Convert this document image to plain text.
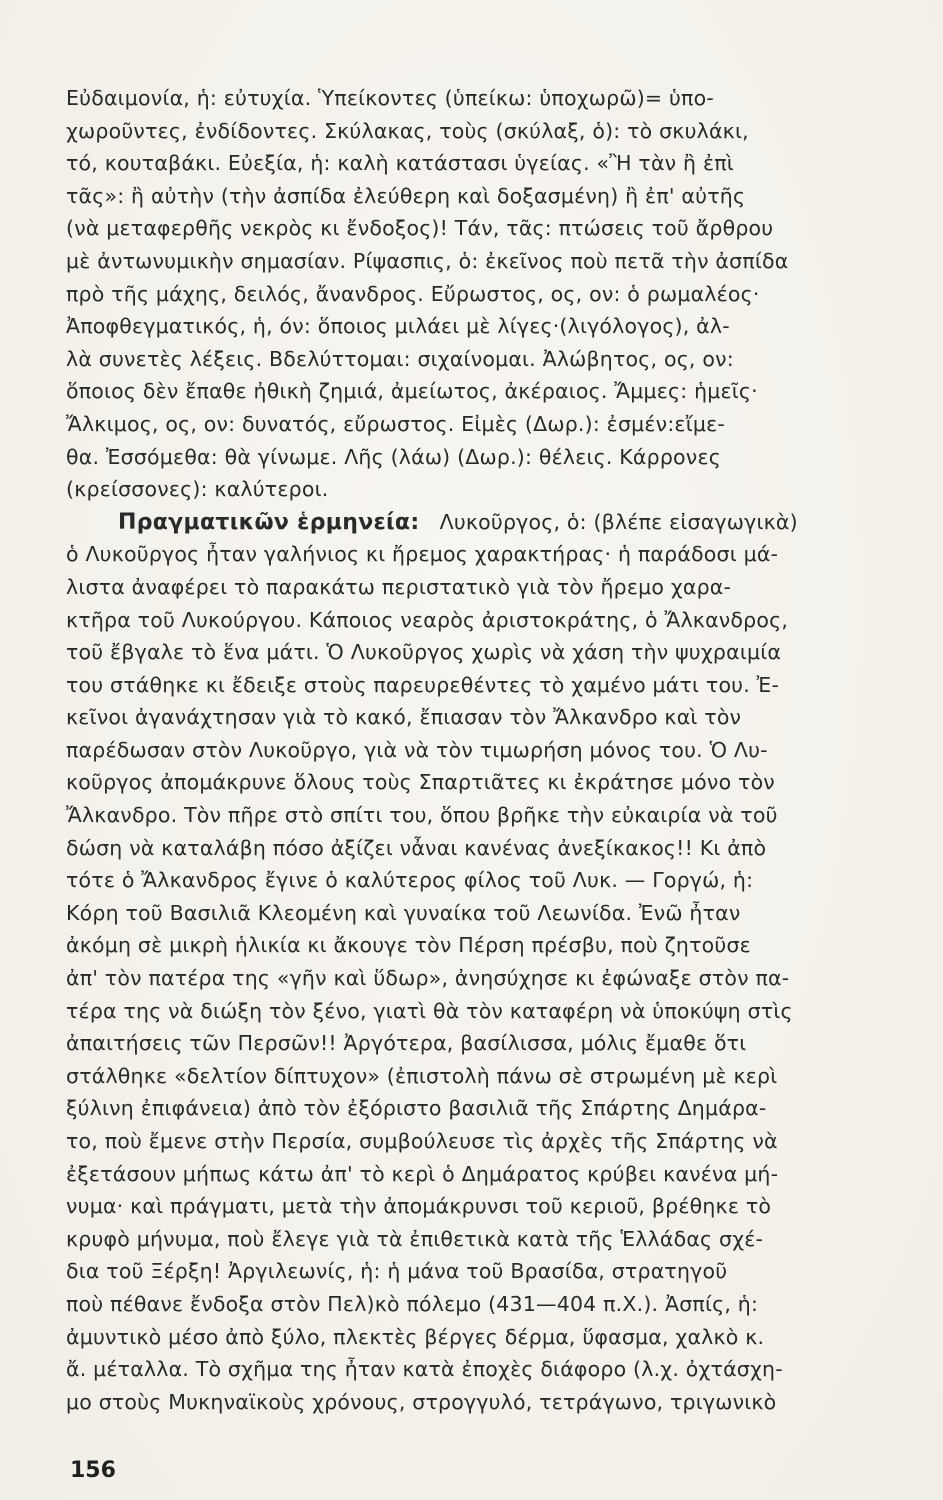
Εὐδαιμονία, ἡ: εὐτυχία. Ὑπείκοντες (ὑπείκω: ὑποχωρῶ)= ὑπο-
χωροῦντες, ἐνδίδοντες. Σκύλακας, τοὺς (σκύλαξ, ὁ): τὸ σκυλάκι,
τό, κουταβάκι. Εὐεξία, ἡ: καλὴ κατάστασι ὑγείας. «Ἢ τὰν ἢ ἐπὶ
τᾶς»: ἢ αὐτὴν (τὴν ἀσπίδα ἐλεύθερη καὶ δοξασμένη) ἢ ἐπ' αὐτῆς
(νὰ μεταφερθῆς νεκρὸς κι ἔνδοξος)! Τάν, τᾶς: πτώσεις τοῦ ἄρθρου
μὲ ἀντωνυμικὴν σημασίαν. Ρίψασπις, ὁ: ἐκεῖνος ποὺ πετᾶ τὴν ἀσπίδα
πρὸ τῆς μάχης, δειλός, ἄνανδρος. Εὔρωστος, ος, ον: ὁ ρωμαλέος·
Ἀποφθεγματικός, ἡ, όν: ὅποιος μιλάει μὲ λίγες·(λιγόλογος), ἀλ-
λὰ συνετὲς λέξεις. Βδελύττομαι: σιχαίνομαι. Ἀλώβητος, ος, ον:
ὅποιος δὲν ἔπαθε ἠθικὴ ζημιά, ἀμείωτος, ἀκέραιος. Ἄμμες: ἡμεῖς·
Ἄλκιμος, ος, ον: δυνατός, εὔρωστος. Εἰμὲς (Δωρ.): ἐσμέν:εἴμε-
θα. Ἐσσόμεθα: θὰ γίνωμε. Λῆς (λάω) (Δωρ.): θέλεις. Κάρρονες
(κρείσσονες): καλύτεροι.
Πραγματικῶν ἑρμηνεία: Λυκοῦργος, ὁ: (βλέπε εἰσαγωγικὰ)
ὁ Λυκοῦργος ἦταν γαλήνιος κι ἤρεμος χαρακτήρας· ἡ παράδοσι μά-
λιστα ἀναφέρει τὸ παρακάτω περιστατικὸ γιὰ τὸν ἤρεμο χαρα-
κτῆρα τοῦ Λυκούργου. Κάποιος νεαρὸς ἀριστοκράτης, ὁ Ἄλκανδρος,
τοῦ ἔβγαλε τὸ ἕνα μάτι. Ὁ Λυκοῦργος χωρὶς νὰ χάση τὴν ψυχραιμία
του στάθηκε κι ἔδειξε στοὺς παρευρεθέντες τὸ χαμένο μάτι του. Ἐ-
κεῖνοι ἀγανάχτησαν γιὰ τὸ κακό, ἔπιασαν τὸν Ἄλκανδρο καὶ τὸν
παρέδωσαν στὸν Λυκοῦργο, γιὰ νὰ τὸν τιμωρήση μόνος του. Ὁ Λυ-
κοῦργος ἀπομάκρυνε ὅλους τοὺς Σπαρτιᾶτες κι ἐκράτησε μόνο τὸν
Ἄλκανδρο. Τὸν πῆρε στὸ σπίτι του, ὅπου βρῆκε τὴν εὐκαιρία νὰ τοῦ
δώση νὰ καταλάβη πόσο ἀξίζει νἆναι κανένας ἀνεξίκακος!! Κι ἀπὸ
τότε ὁ Ἄλκανδρος ἔγινε ὁ καλύτερος φίλος τοῦ Λυκ. — Γοργώ, ἡ:
Κόρη τοῦ Βασιλιᾶ Κλεομένη καὶ γυναίκα τοῦ Λεωνίδα. Ἐνῶ ἦταν
ἀκόμη σὲ μικρὴ ἡλικία κι ἄκουγε τὸν Πέρση πρέσβυ, ποὺ ζητοῦσε
ἀπ' τὸν πατέρα της «γῆν καὶ ὕδωρ», ἀνησύχησε κι ἐφώναξε στὸν πα-
τέρα της νὰ διώξη τὸν ξένο, γιατὶ θὰ τὸν καταφέρη νὰ ὑποκύψη στὶς
ἀπαιτήσεις τῶν Περσῶν!! Ἀργότερα, βασίλισσα, μόλις ἔμαθε ὅτι
στάλθηκε «δελτίον δίπτυχον» (ἐπιστολὴ πάνω σὲ στρωμένη μὲ κερὶ
ξύλινη ἐπιφάνεια) ἀπὸ τὸν ἐξόριστο βασιλιᾶ τῆς Σπάρτης Δημάρα-
το, ποὺ ἔμενε στὴν Περσία, συμβούλευσε τὶς ἀρχὲς τῆς Σπάρτης νὰ
ἐξετάσουν μήπως κάτω ἀπ' τὸ κερὶ ὁ Δημάρατος κρύβει κανένα μή-
νυμα· καὶ πράγματι, μετὰ τὴν ἀπομάκρυνσι τοῦ κεριοῦ, βρέθηκε τὸ
κρυφὸ μήνυμα, ποὺ ἔλεγε γιὰ τὰ ἐπιθετικὰ κατὰ τῆς Ἑλλάδας σχέ-
δια τοῦ Ξέρξη! Ἀργιλεωνίς, ἡ: ἡ μάνα τοῦ Βρασίδα, στρατηγοῦ
ποὺ πέθανε ἔνδοξα στὸν Πελ)κὸ πόλεμο (431—404 π.Χ.). Ἀσπίς, ἡ:
ἀμυντικὸ μέσο ἀπὸ ξύλο, πλεκτὲς βέργες δέρμα, ὕφασμα, χαλκὸ κ.
ἄ. μέταλλα. Τὸ σχῆμα της ἦταν κατὰ ἐποχὲς διάφορο (λ.χ. ὀχτάσχη-
μο στοὺς Μυκηναϊκοὺς χρόνους, στρογγυλό, τετράγωνο, τριγωνικὸ
156
